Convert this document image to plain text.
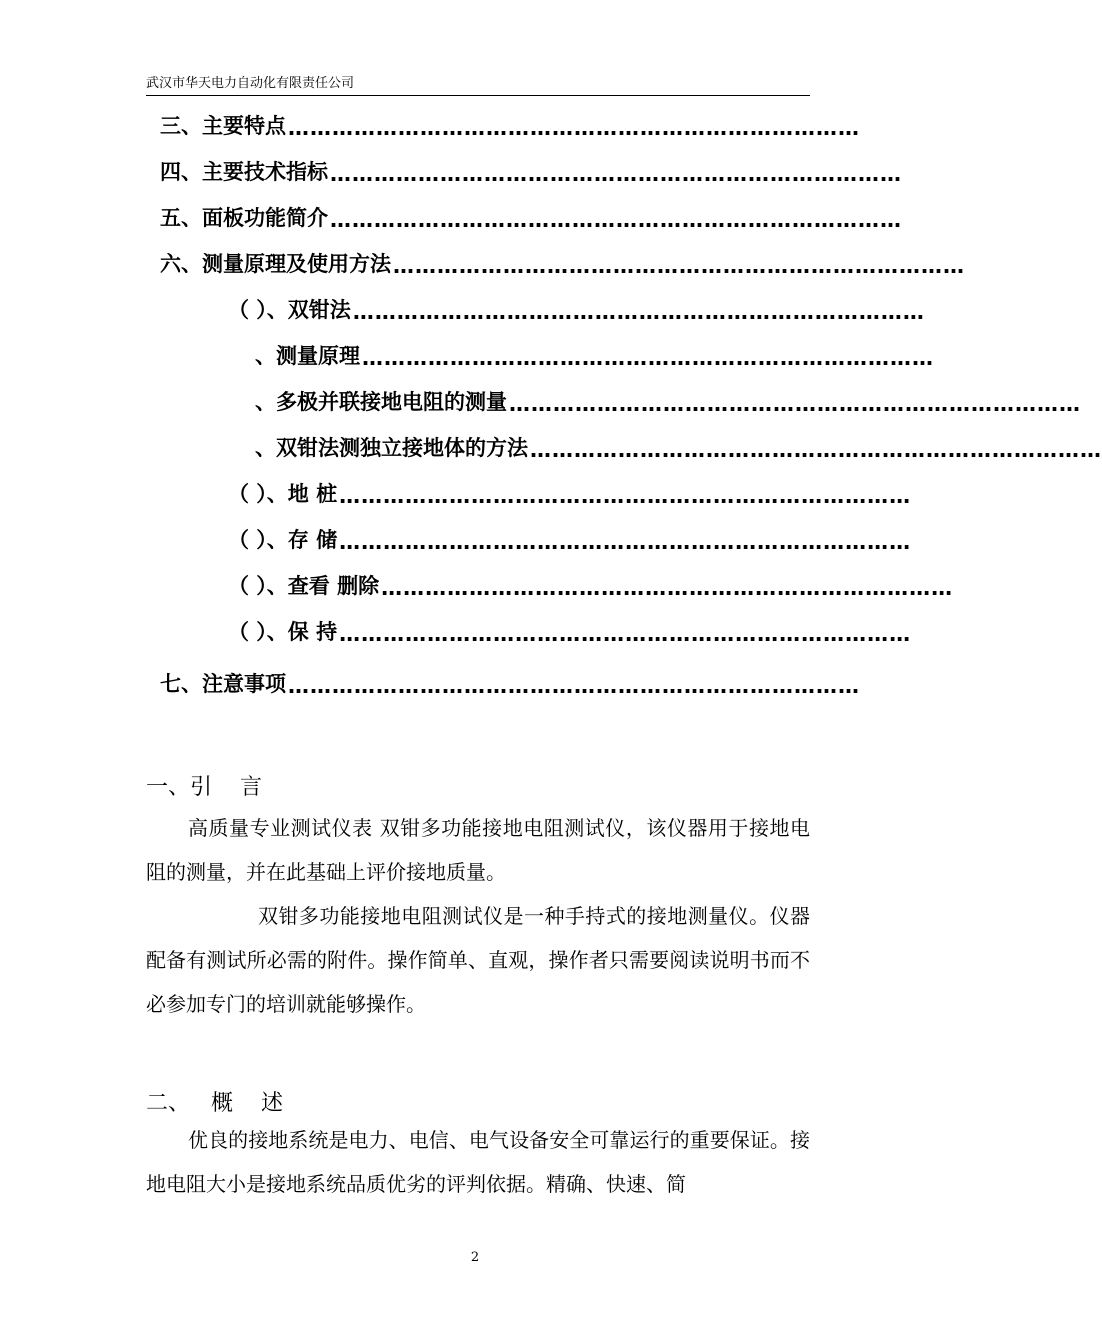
武汉市华天电力自动化有限责任公司
三、主要特点 ……………………………………………………………………
四、主要技术指标 ……………………………………………………………………
五、面板功能简介 ……………………………………………………………………
六、测量原理及使用方法 ……………………………………………………………………
（ ）、双钳法 ……………………………………………………………………
、测量原理 ……………………………………………………………………
、多极并联接地电阻的测量 ……………………………………………………………………
、双钳法测独立接地体的方法 ……………………………………………………………………
（ ）、地 桩 ……………………………………………………………………
（ ）、存 储 ……………………………………………………………………
（ ）、查看 删除 ……………………………………………………………………
（ ）、保 持 ……………………………………………………………………
七、注意事项 ……………………………………………………………………
一、引    言

高质量专业测试仪表 双钳多功能接地电阻测试仪，该仪器用于接地电阻的测量，并在此基础上评价接地质量。

双钳多功能接地电阻测试仪是一种手持式的接地测量仪。仪器配备有测试所必需的附件。操作简单、直观，操作者只需要阅读说明书而不必参加专门的培训就能够操作。

二、   概    述

优良的接地系统是电力、电信、电气设备安全可靠运行的重要保证。接地电阻大小是接地系统品质优劣的评判依据。精确、快速、简

2
